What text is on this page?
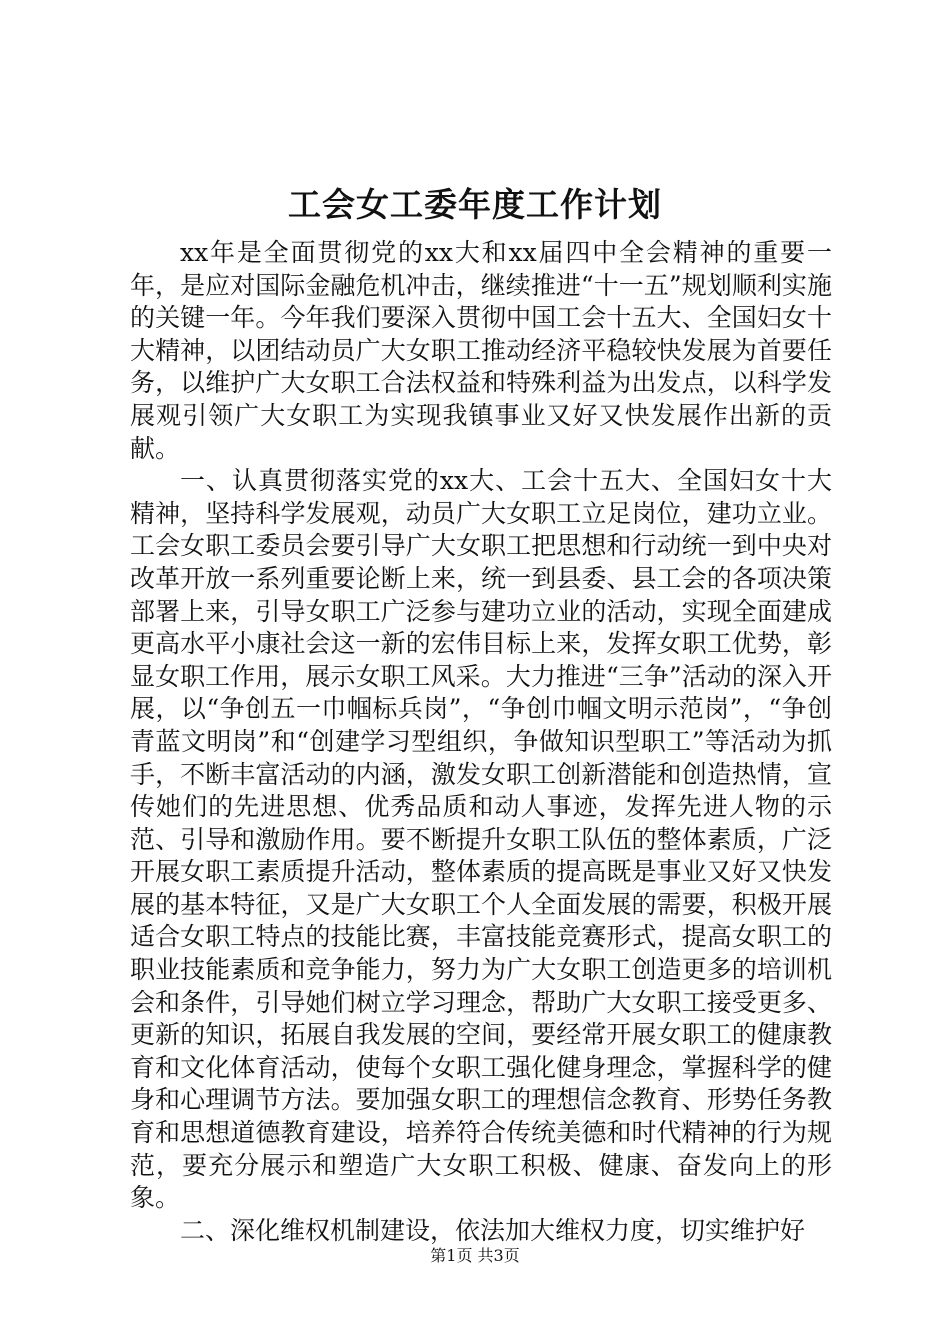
工会女工委年度工作计划

xx年是全面贯彻党的xx大和xx届四中全会精神的重要一年，是应对国际金融危机冲击，继续推进“十一五”规划顺利实施的关键一年。今年我们要深入贯彻中国工会十五大、全国妇女十大精神，以团结动员广大女职工推动经济平稳较快发展为首要任务，以维护广大女职工合法权益和特殊利益为出发点，以科学发展观引领广大女职工为实现我镇事业又好又快发展作出新的贡献。

一、认真贯彻落实党的xx大、工会十五大、全国妇女十大精神，坚持科学发展观，动员广大女职工立足岗位，建功立业。工会女职工委员会要引导广大女职工把思想和行动统一到中央对改革开放一系列重要论断上来，统一到县委、县工会的各项决策部署上来，引导女职工广泛参与建功立业的活动，实现全面建成更高水平小康社会这一新的宏伟目标上来，发挥女职工优势，彰显女职工作用，展示女职工风采。大力推进“三争”活动的深入开展，以“争创五一巾帼标兵岗”，“争创巾帼文明示范岗”，“争创青蓝文明岗”和“创建学习型组织，争做知识型职工”等活动为抓手，不断丰富活动的内涵，激发女职工创新潜能和创造热情，宣传她们的先进思想、优秀品质和动人事迹，发挥先进人物的示范、引导和激励作用。要不断提升女职工队伍的整体素质，广泛开展女职工素质提升活动，整体素质的提高既是事业又好又快发展的基本特征，又是广大女职工个人全面发展的需要，积极开展适合女职工特点的技能比赛，丰富技能竞赛形式，提高女职工的职业技能素质和竞争能力，努力为广大女职工创造更多的培训机会和条件，引导她们树立学习理念，帮助广大女职工接受更多、更新的知识，拓展自我发展的空间，要经常开展女职工的健康教育和文化体育活动，使每个女职工强化健身理念，掌握科学的健身和心理调节方法。要加强女职工的理想信念教育、形势任务教育和思想道德教育建设，培养符合传统美德和时代精神的行为规范，要充分展示和塑造广大女职工积极、健康、奋发向上的形象。

二、深化维权机制建设，依法加大维权力度，切实维护好

第1页 共3页
